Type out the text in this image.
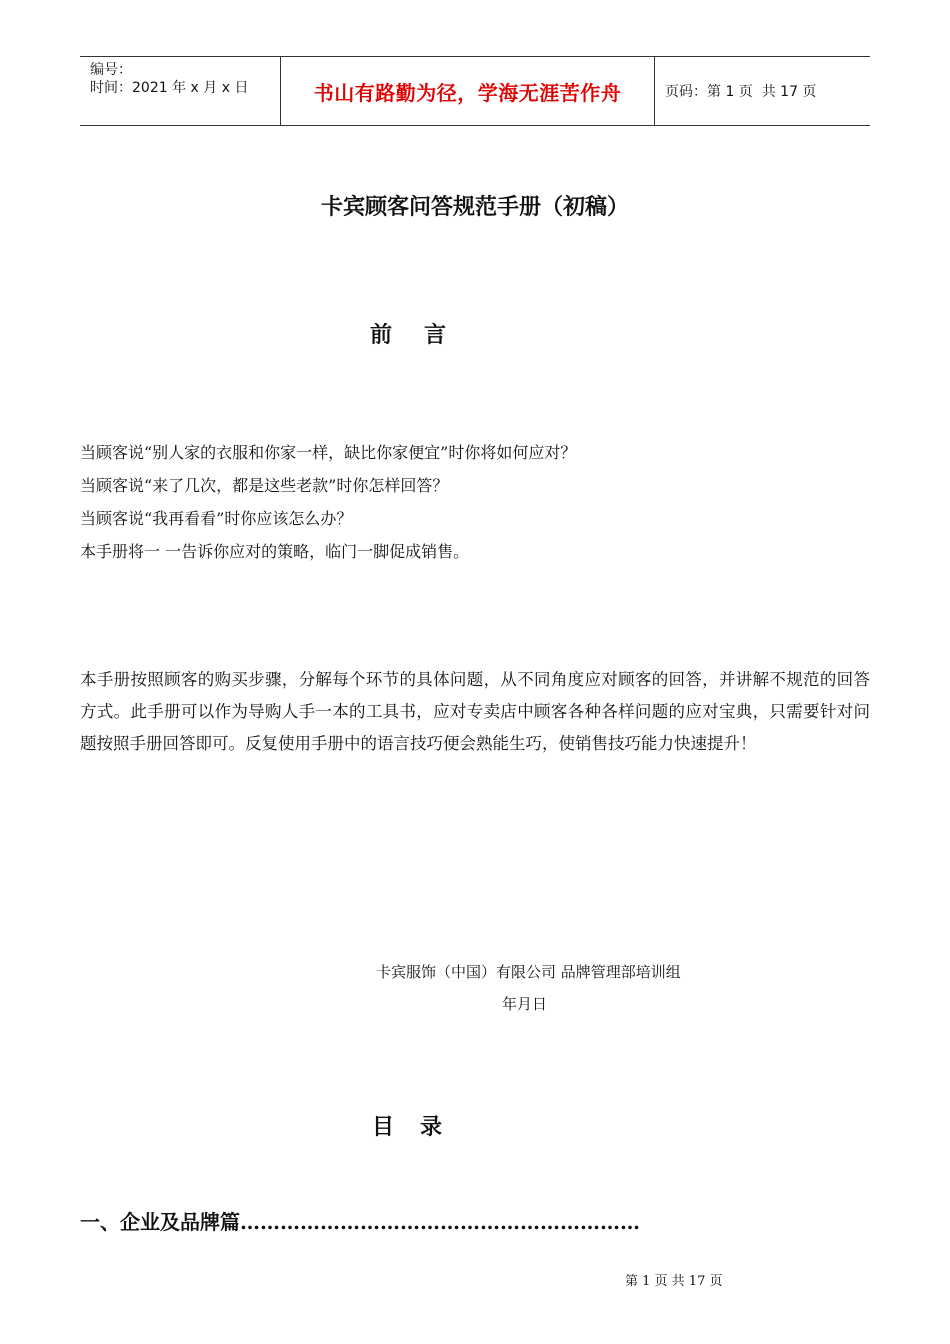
编号：
时间：2021 年 x 月 x 日	书山有路勤为径，学海无涯苦作舟	页码：第 1 页  共 17 页
卡宾顾客问答规范手册（初稿）
前言
当顾客说“别人家的衣服和你家一样，缺比你家便宜”时你将如何应对？
当顾客说“来了几次，都是这些老款”时你怎样回答？
当顾客说“我再看看”时你应该怎么办？
本手册将一 一告诉你应对的策略，临门一脚促成销售。
本手册按照顾客的购买步骤，分解每个环节的具体问题，从不同角度应对顾客的回答，并讲解不规范的回答方式。此手册可以作为导购人手一本的工具书，应对专卖店中顾客各种各样问题的应对宝典，只需要针对问题按照手册回答即可。反复使用手册中的语言技巧便会熟能生巧，使销售技巧能力快速提升！
卡宾服饰（中国）有限公司 品牌管理部培训组
年月日
目录
一、企业及品牌篇……………………………………………………
第 1 页 共 17 页
